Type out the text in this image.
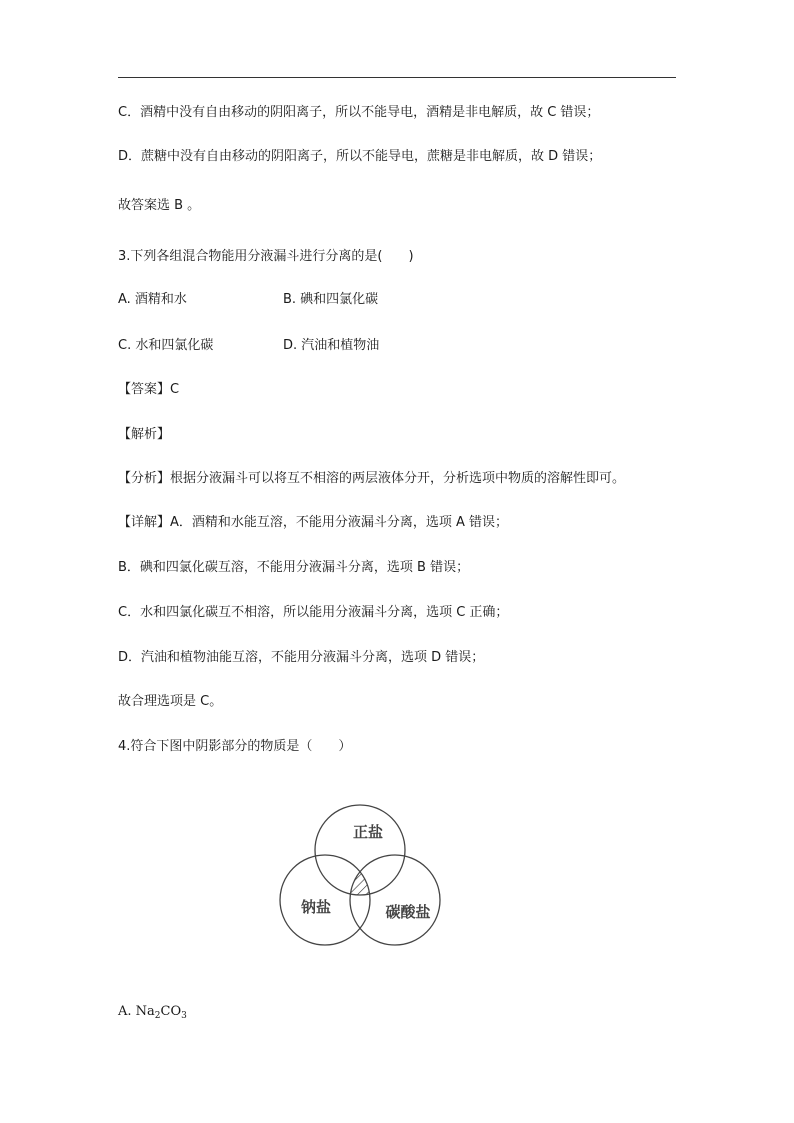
C．酒精中没有自由移动的阴阳离子，所以不能导电，酒精是非电解质，故 C 错误；
D．蔗糖中没有自由移动的阴阳离子，所以不能导电，蔗糖是非电解质，故 D 错误；
故答案选 B 。
3.下列各组混合物能用分液漏斗进行分离的是(　　)
A. 酒精和水	B. 碘和四氯化碳
C. 水和四氯化碳	D. 汽油和植物油
【答案】C
【解析】
【分析】根据分液漏斗可以将互不相溶的两层液体分开，分析选项中物质的溶解性即可。
【详解】A．酒精和水能互溶，不能用分液漏斗分离，选项 A 错误；
B．碘和四氯化碳互溶，不能用分液漏斗分离，选项 B 错误；
C．水和四氯化碳互不相溶，所以能用分液漏斗分离，选项 C 正确；
D．汽油和植物油能互溶，不能用分液漏斗分离，选项 D 错误；
故合理选项是 C。
4.符合下图中阴影部分的物质是（　　）
正盐
钠盐	碳酸盐
A. $Na_2CO_3$
